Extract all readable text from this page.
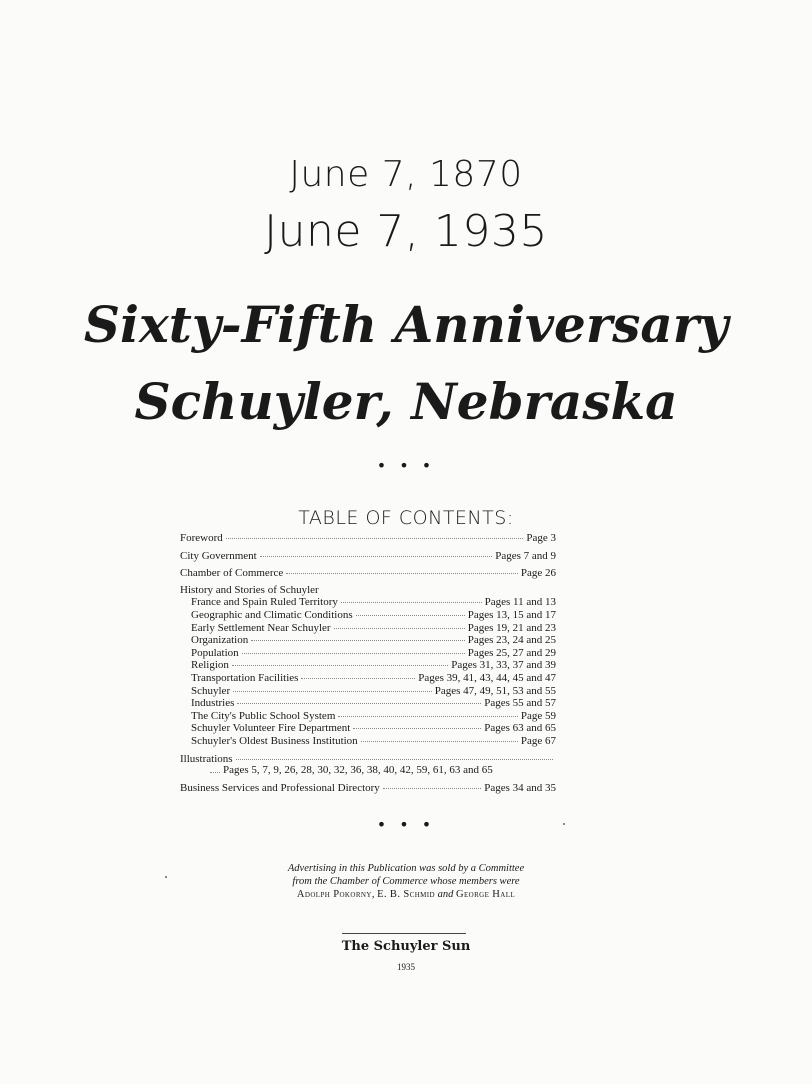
June 7, 1870
June 7, 1935
Sixty-Fifth Anniversary
Schuyler, Nebraska
• • •
TABLE OF CONTENTS:
Foreword	Page 3
City Government	Pages 7 and 9
Chamber of Commerce	Page 26
History and Stories of Schuyler
France and Spain Ruled Territory	Pages 11 and 13
Geographic and Climatic Conditions	Pages 13, 15 and 17
Early Settlement Near Schuyler	Pages 19, 21 and 23
Organization	Pages 23, 24 and 25
Population	Pages 25, 27 and 29
Religion	Pages 31, 33, 37 and 39
Transportation Facilities	Pages 39, 41, 43, 44, 45 and 47
Schuyler	Pages 47, 49, 51, 53 and 55
Industries	Pages 55 and 57
The City's Public School System	Page 59
Schuyler Volunteer Fire Department	Pages 63 and 65
Schuyler's Oldest Business Institution	Page 67
Illustrations
Pages 5, 7, 9, 26, 28, 30, 32, 36, 38, 40, 42, 59, 61, 63 and 65
Business Services and Professional Directory	Pages 34 and 35
• • •
Advertising in this Publication was sold by a Committee
from the Chamber of Commerce whose members were
Adolph Pokorny, E. B. Schmid and George Hall
The Schuyler Sun
1935
